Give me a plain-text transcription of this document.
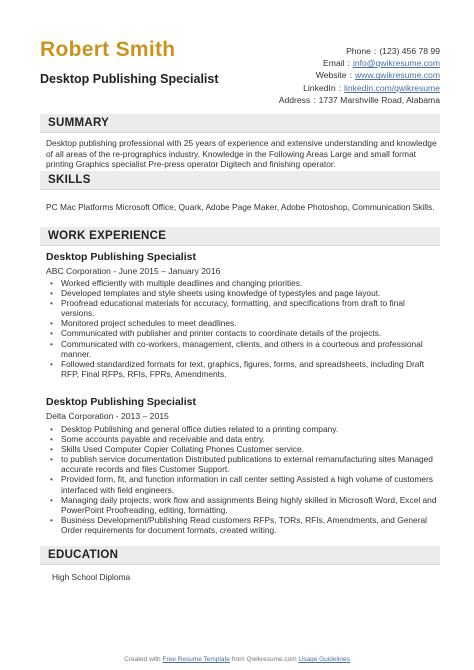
Robert Smith
Desktop Publishing Specialist
Phone : (123) 456 78 99
Email : info@qwikresume.com
Website : www.qwikresume.com
LinkedIn : linkedin.com/qwikresume
Address : 1737 Marshville Road, Alabama
SUMMARY
Desktop publishing professional with 25 years of experience and extensive understanding and knowledge of all areas of the re-prographics industry. Knowledge in the Following Areas Large and small format printing Graphics specialist Pre-press operator Digitech and finishing operator.
SKILLS
PC Mac Platforms Microsoft Office, Quark, Adobe Page Maker, Adobe Photoshop, Communication Skills.
WORK EXPERIENCE
Desktop Publishing Specialist
ABC Corporation - June 2015 – January 2016
• Worked efficiently with multiple deadlines and changing priorities.
• Developed templates and style sheets using knowledge of typestyles and page layout.
• Proofread educational materials for accuracy, formatting, and specifications from draft to final versions.
• Monitored project schedules to meet deadlines.
• Communicated with publisher and printer contacts to coordinate details of the projects.
• Communicated with co-workers, management, clients, and others in a courteous and professional manner.
• Followed standardized formats for text, graphics, figures, forms, and spreadsheets, including Draft RFP, Final RFPs, RFIs, FPRs, Amendments.
Desktop Publishing Specialist
Delta Corporation - 2013 – 2015
• Desktop Publishing and general office duties related to a printing company.
• Some accounts payable and receivable and data entry.
• Skills Used Computer Copier Collating Phones Customer service.
• to publish service documentation Distributed publications to external remanufacturing sites Managed accurate records and files Customer Support.
• Provided form, fit, and function information in call center setting Assisted a high volume of customers interfaced with field engineers.
• Managing daily projects, work flow and assignments Being highly skilled in Microsoft Word, Excel and PowerPoint Proofreading, editing, formatting.
• Business Development/Publishing Read customers RFPs, TORs, RFIs, Amendments, and General Order requirements for document formats, created writing.
EDUCATION
High School Diploma
Created with Free Resume Template from Qwikresume.com Usage Guidelines
